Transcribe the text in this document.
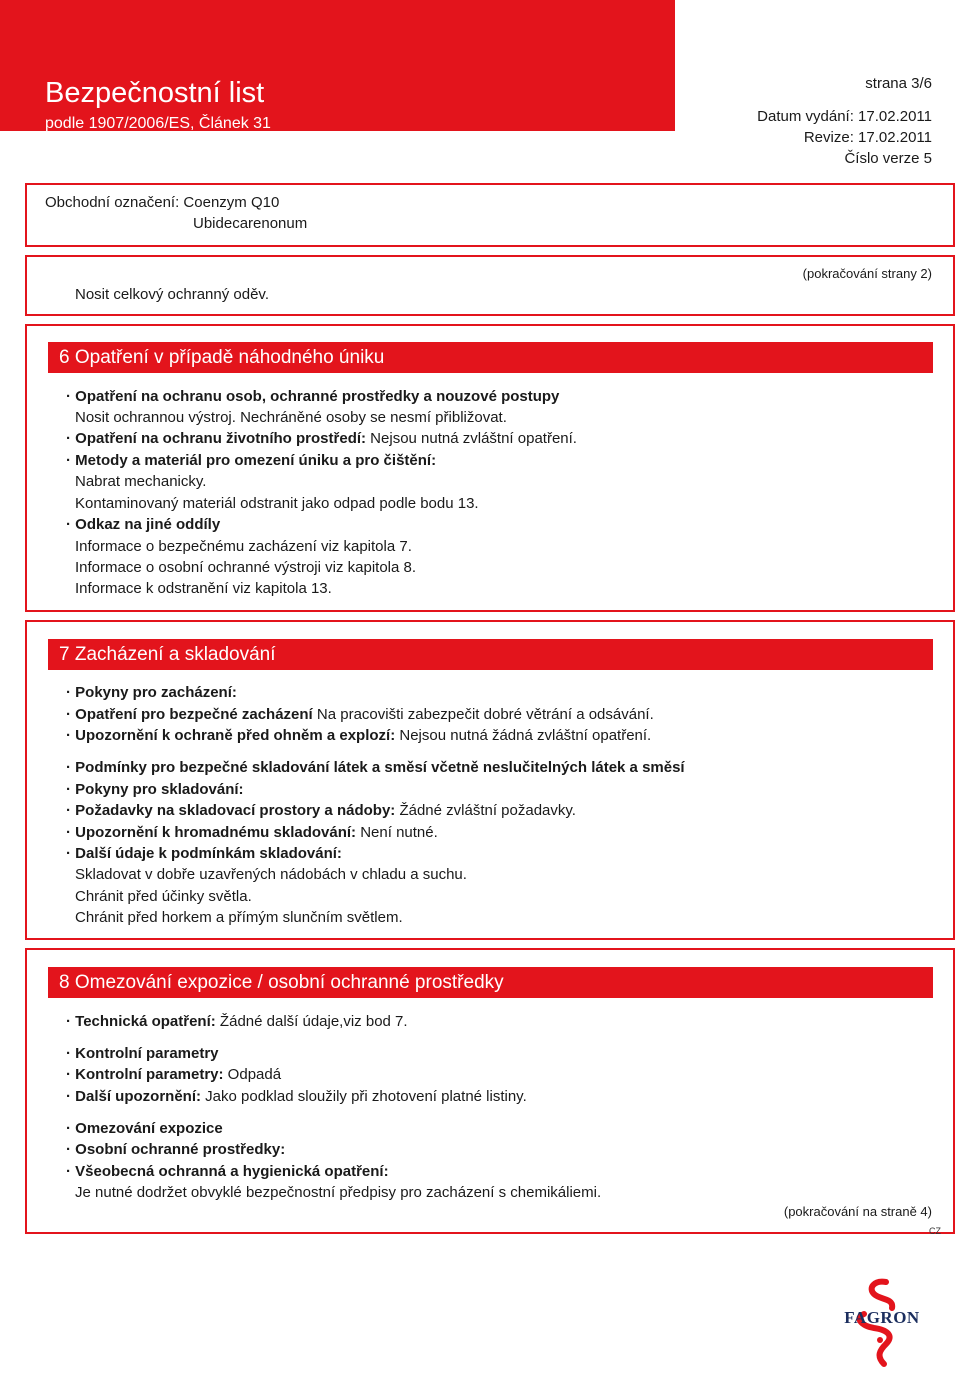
Bezpečnostní list
podle 1907/2006/ES, Článek 31
strana 3/6
Datum vydání: 17.02.2011
Revize: 17.02.2011
Číslo verze 5
Obchodní označení: Coenzym Q10
Ubidecarenonum
(pokračování strany 2)
Nosit celkový ochranný oděv.
6 Opatření v případě náhodného úniku
· Opatření na ochranu osob, ochranné prostředky a nouzové postupy
Nosit ochrannou výstroj. Nechráněné osoby se nesmí přibližovat.
· Opatření na ochranu životního prostředí: Nejsou nutná zvláštní opatření.
· Metody a materiál pro omezení úniku a pro čištění:
Nabrat mechanicky.
Kontaminovaný materiál odstranit jako odpad podle bodu 13.
· Odkaz na jiné oddíly
Informace o bezpečnému zacházení viz kapitola 7.
Informace o osobní ochranné výstroji viz kapitola 8.
Informace k odstranění viz kapitola 13.
7 Zacházení a skladování
· Pokyny pro zacházení:
· Opatření pro bezpečné zacházení Na pracovišti zabezpečit dobré větrání a odsávání.
· Upozornění k ochraně před ohněm a explozí: Nejsou nutná žádná zvláštní opatření.
· Podmínky pro bezpečné skladování látek a směsí včetně neslučitelných látek a směsí
· Pokyny pro skladování:
· Požadavky na skladovací prostory a nádoby: Žádné zvláštní požadavky.
· Upozornění k hromadnému skladování: Není nutné.
· Další údaje k podmínkám skladování:
Skladovat v dobře uzavřených nádobách v chladu a suchu.
Chránit před účinky světla.
Chránit před horkem a přímým slunčním světlem.
8 Omezování expozice / osobní ochranné prostředky
· Technická opatření: Žádné další údaje,viz bod 7.
· Kontrolní parametry
· Kontrolní parametry: Odpadá
· Další upozornění: Jako podklad sloužily při zhotovení platné listiny.
· Omezování expozice
· Osobní ochranné prostředky:
· Všeobecná ochranná a hygienická opatření:
Je nutné dodržet obvyklé bezpečnostní předpisy pro zacházení s chemikáliemi.
(pokračování na straně 4)
CZ
FAGRON
